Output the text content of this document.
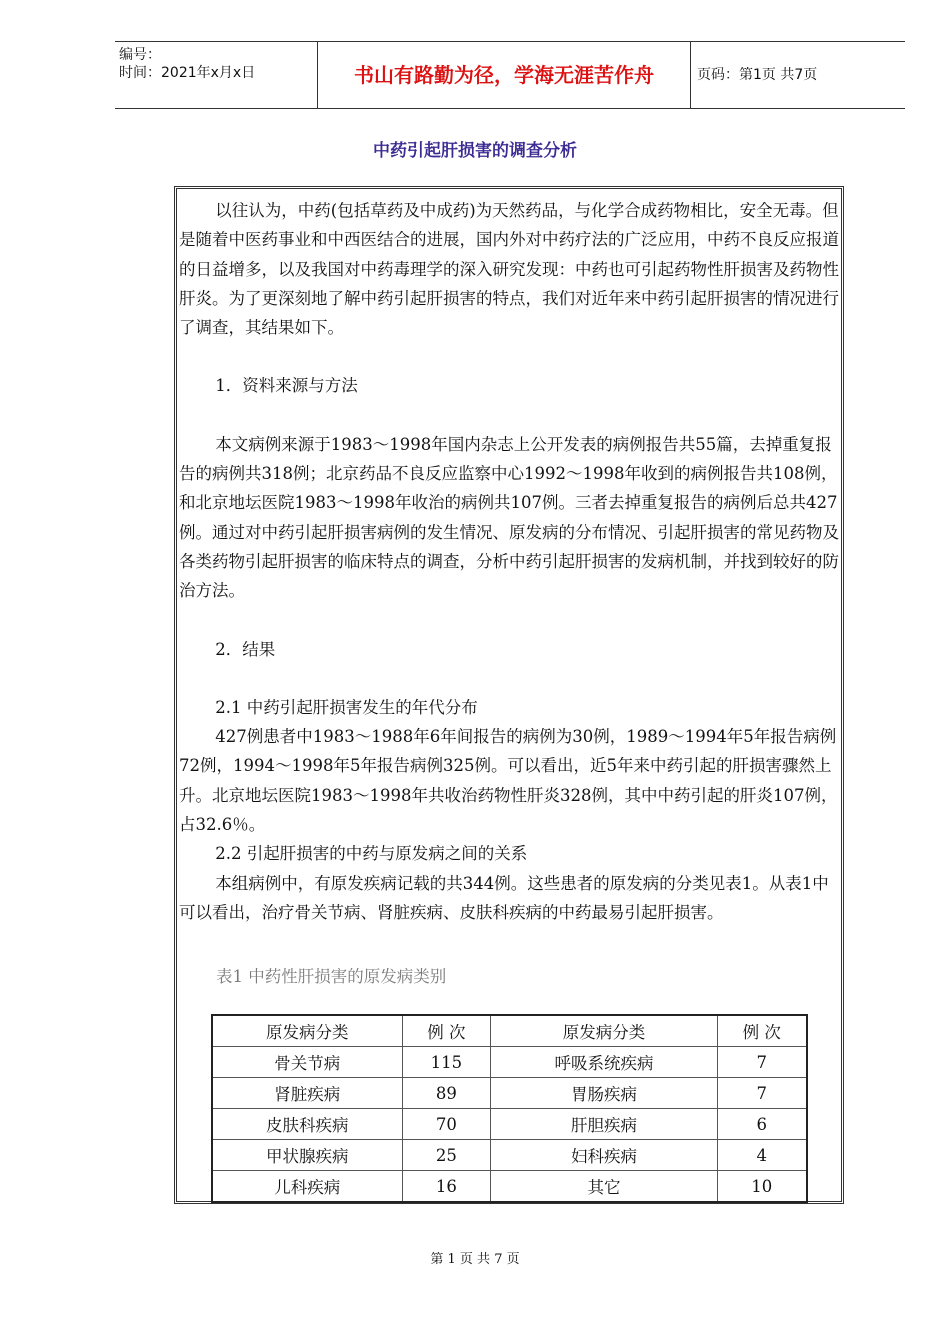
编号：
时间：2021年x月x日	书山有路勤为径，学海无涯苦作舟	页码：第1页 共7页
中药引起肝损害的调查分析

以往认为，中药(包括草药及中成药)为天然药品，与化学合成药物相比，安全无毒。但是随着中医药事业和中西医结合的进展，国内外对中药疗法的广泛应用，中药不良反应报道的日益增多，以及我国对中药毒理学的深入研究发现：中药也可引起药物性肝损害及药物性肝炎。为了更深刻地了解中药引起肝损害的特点，我们对近年来中药引起肝损害的情况进行了调查，其结果如下。

1．资料来源与方法

本文病例来源于1983～1998年国内杂志上公开发表的病例报告共55篇，去掉重复报告的病例共318例；北京药品不良反应监察中心1992～1998年收到的病例报告共108例，和北京地坛医院1983～1998年收治的病例共107例。三者去掉重复报告的病例后总共427例。通过对中药引起肝损害病例的发生情况、原发病的分布情况、引起肝损害的常见药物及各类药物引起肝损害的临床特点的调查，分析中药引起肝损害的发病机制，并找到较好的防治方法。

2．结果

2.1 中药引起肝损害发生的年代分布

427例患者中1983～1988年6年间报告的病例为30例，1989～1994年5年报告病例72例，1994～1998年5年报告病例325例。可以看出，近5年来中药引起的肝损害骤然上升。北京地坛医院1983～1998年共收治药物性肝炎328例，其中中药引起的肝炎107例，占32.6％。

2.2 引起肝损害的中药与原发病之间的关系

本组病例中，有原发疾病记载的共344例。这些患者的原发病的分类见表1。从表1中可以看出，治疗骨关节病、肾脏疾病、皮肤科疾病的中药最易引起肝损害。

表1 中药性肝损害的原发病类别
原发病分类	例 次	原发病分类	例 次
骨关节病	115	呼吸系统疾病	7
肾脏疾病	89	胃肠疾病	7
皮肤科疾病	70	肝胆疾病	6
甲状腺疾病	25	妇科疾病	4
儿科疾病	16	其它	10
第 1 页 共 7 页
